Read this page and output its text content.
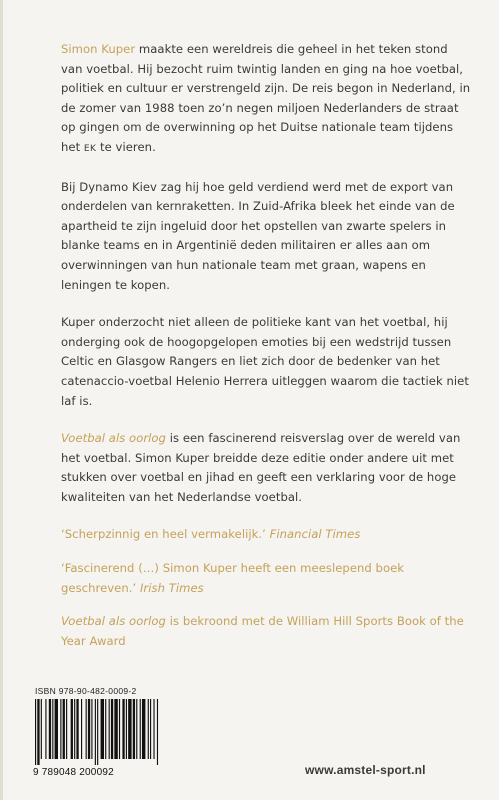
Simon Kuper maakte een wereldreis die geheel in het teken stond van voetbal. Hij bezocht ruim twintig landen en ging na hoe voetbal, politiek en cultuur er verstrengeld zijn. De reis begon in Nederland, in de zomer van 1988 toen zo’n negen miljoen Nederlanders de straat op gingen om de overwinning op het Duitse nationale team tijdens het EK te vieren.

Bij Dynamo Kiev zag hij hoe geld verdiend werd met de export van onderdelen van kernraketten. In Zuid-Afrika bleek het einde van de apartheid te zijn ingeluid door het opstellen van zwarte spelers in blanke teams en in Argentinië deden militairen er alles aan om overwinningen van hun nationale team met graan, wapens en leningen te kopen.

Kuper onderzocht niet alleen de politieke kant van het voetbal, hij onderging ook de hoogopgelopen emoties bij een wedstrijd tussen Celtic en Glasgow Rangers en liet zich door de bedenker van het catenaccio-voetbal Helenio Herrera uitleggen waarom die tactiek niet laf is.

Voetbal als oorlog is een fascinerend reisverslag over de wereld van het voetbal. Simon Kuper breidde deze editie onder andere uit met stukken over voetbal en jihad en geeft een verklaring voor de hoge kwaliteiten van het Nederlandse voetbal.

‘Scherpzinnig en heel vermakelijk.’ Financial Times

‘Fascinerend (…) Simon Kuper heeft een meeslepend boek geschreven.’ Irish Times

Voetbal als oorlog is bekroond met de William Hill Sports Book of the Year Award

ISBN 978-90-482-0009-2
9 789048 200092	www.amstel-sport.nl
